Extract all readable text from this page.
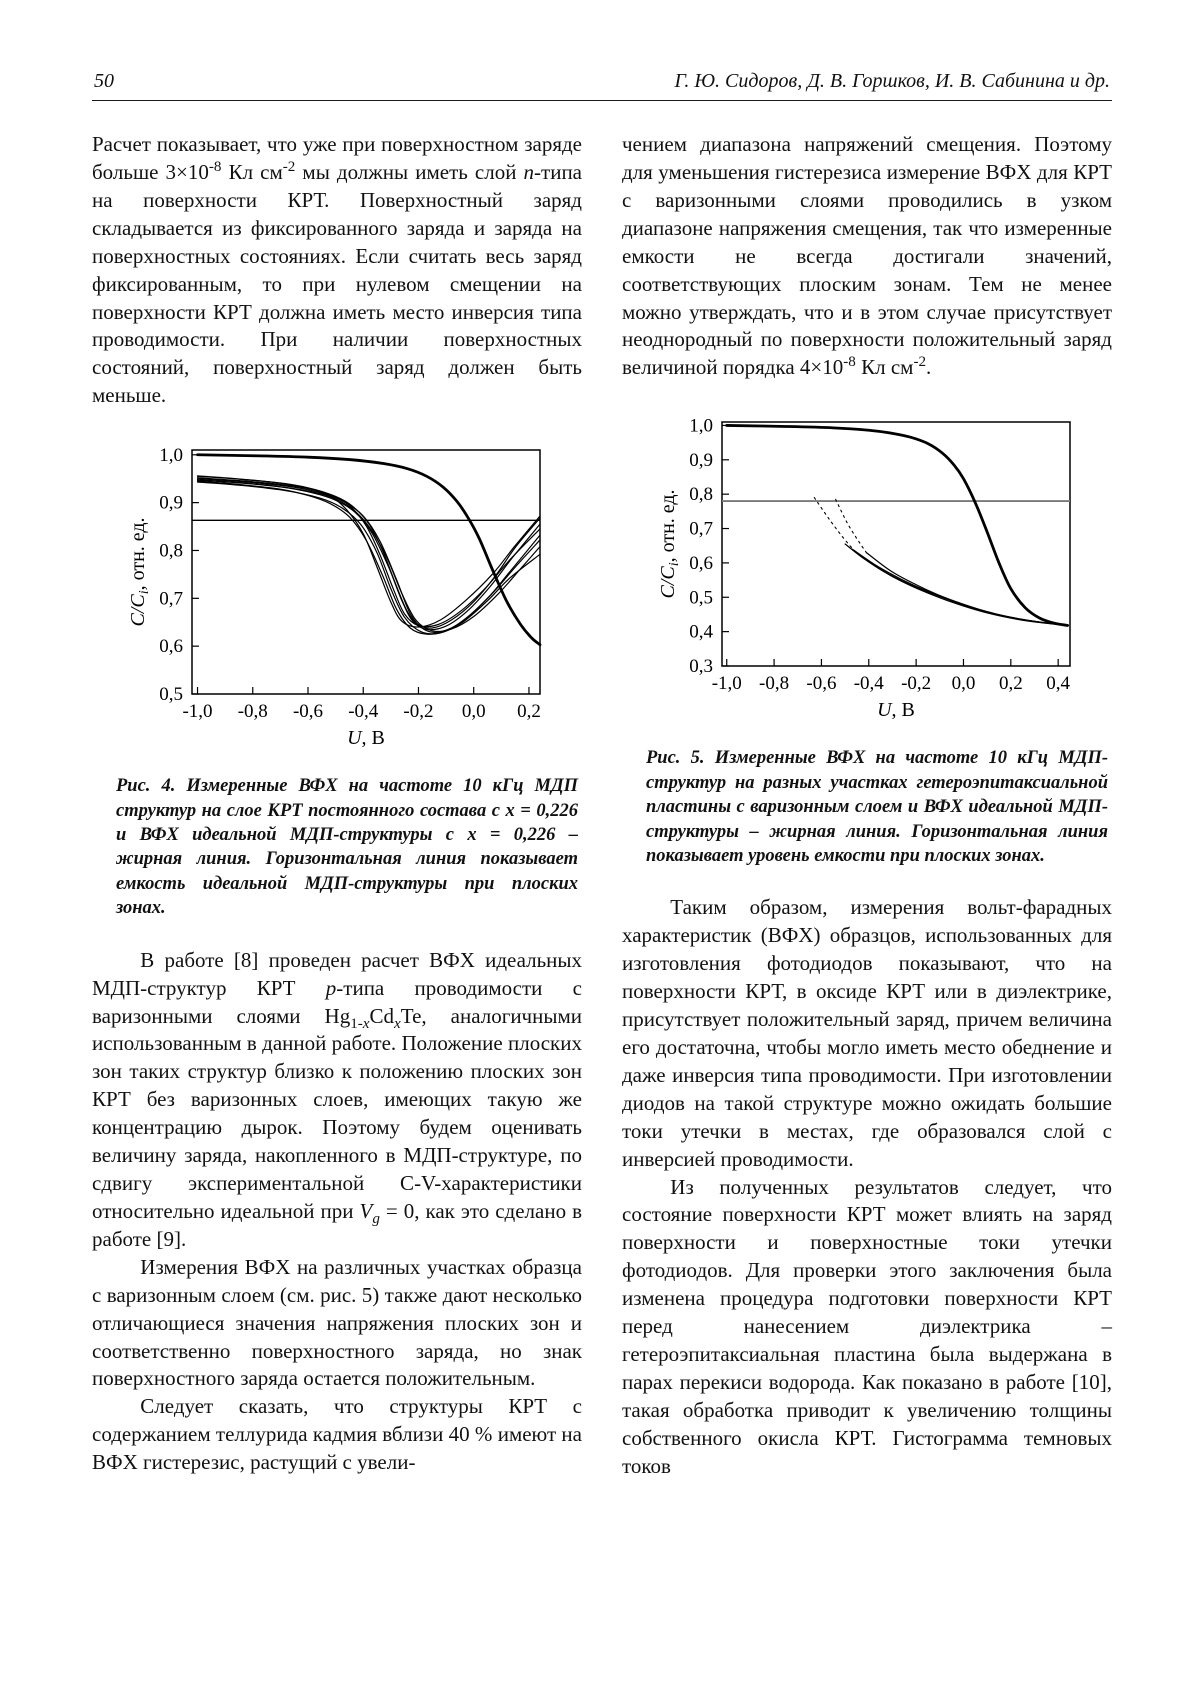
50	Г. Ю. Сидоров, Д. В. Горшков, И. В. Сабинина и др.

Расчет показывает, что уже при поверхностном заряде больше $3\times 10^{-8}$ Кл $см^{-2}$ мы должны иметь слой n-типа на поверхности КРТ. Поверхностный заряд складывается из фиксированного заряда и заряда на поверхностных состояниях. Если считать весь заряд фиксированным, то при нулевом смещении на поверхности КРТ должна иметь место инверсия типа проводимости. При наличии поверхностных состояний, поверхностный заряд должен быть меньше.

-1,0 -0,8 -0,6 -0,4 -0,2 0,0 0,2
0,5
0,6
0,7
0,8
0,9
1,0
U, В
$C/C_i$, отн. ед.
Рис. 4. Измеренные ВФХ на частоте 10 кГц МДП структур на слое КРТ постоянного состава с x = 0,226 и ВФХ идеальной МДП-структуры с x = 0,226 – жирная линия. Горизонтальная линия показывает емкость идеальной МДП-структуры при плоских зонах.

В работе [8] проведен расчет ВФХ идеальных МДП-структур КРТ p-типа проводимости с варизонными слоями $Hg_{1-x}Cd_xTe$, аналогичными использованным в данной работе. Положение плоских зон таких структур близко к положению плоских зон КРТ без варизонных слоев, имеющих такую же концентрацию дырок. Поэтому будем оценивать величину заряда, накопленного в МДП-структуре, по сдвигу экспериментальной C-V-характеристики относительно идеальной при $V_g = 0$, как это сделано в работе [9].

Измерения ВФХ на различных участках образца с варизонным слоем (см. рис. 5) также дают несколько отличающиеся значения напряжения плоских зон и соответственно поверхностного заряда, но знак поверхностного заряда остается положительным.

Следует сказать, что структуры КРТ с содержанием теллурида кадмия вблизи 40 % имеют на ВФХ гистерезис, растущий с увели-

чением диапазона напряжений смещения. Поэтому для уменьшения гистерезиса измерение ВФХ для КРТ с варизонными слоями проводились в узком диапазоне напряжения смещения, так что измеренные емкости не всегда достигали значений, соответствующих плоским зонам. Тем не менее можно утверждать, что и в этом случае присутствует неоднородный по поверхности положительный заряд величиной порядка $4\times 10^{-8}$ Кл $см^{-2}$.

-1,0 -0,8 -0,6 -0,4 -0,2 0,0 0,2 0,4
0,3
0,4
0,5
0,6
0,7
0,8
0,9
1,0
U, В
$C/C_i$, отн. ед.
Рис. 5. Измеренные ВФХ на частоте 10 кГц МДП-структур на разных участках гетероэпитаксиальной пластины с варизонным слоем и ВФХ идеальной МДП-структуры – жирная линия. Горизонтальная линия показывает уровень емкости при плоских зонах.

Таким образом, измерения вольт-фарадных характеристик (ВФХ) образцов, использованных для изготовления фотодиодов показывают, что на поверхности КРТ, в оксиде КРТ или в диэлектрике, присутствует положительный заряд, причем величина его достаточна, чтобы могло иметь место обеднение и даже инверсия типа проводимости. При изготовлении диодов на такой структуре можно ожидать большие токи утечки в местах, где образовался слой с инверсией проводимости.

Из полученных результатов следует, что состояние поверхности КРТ может влиять на заряд поверхности и поверхностные токи утечки фотодиодов. Для проверки этого заключения была изменена процедура подготовки поверхности КРТ перед нанесением диэлектрика – гетероэпитаксиальная пластина была выдержана в парах перекиси водорода. Как показано в работе [10], такая обработка приводит к увеличению толщины собственного окисла КРТ. Гистограмма темновых токов
